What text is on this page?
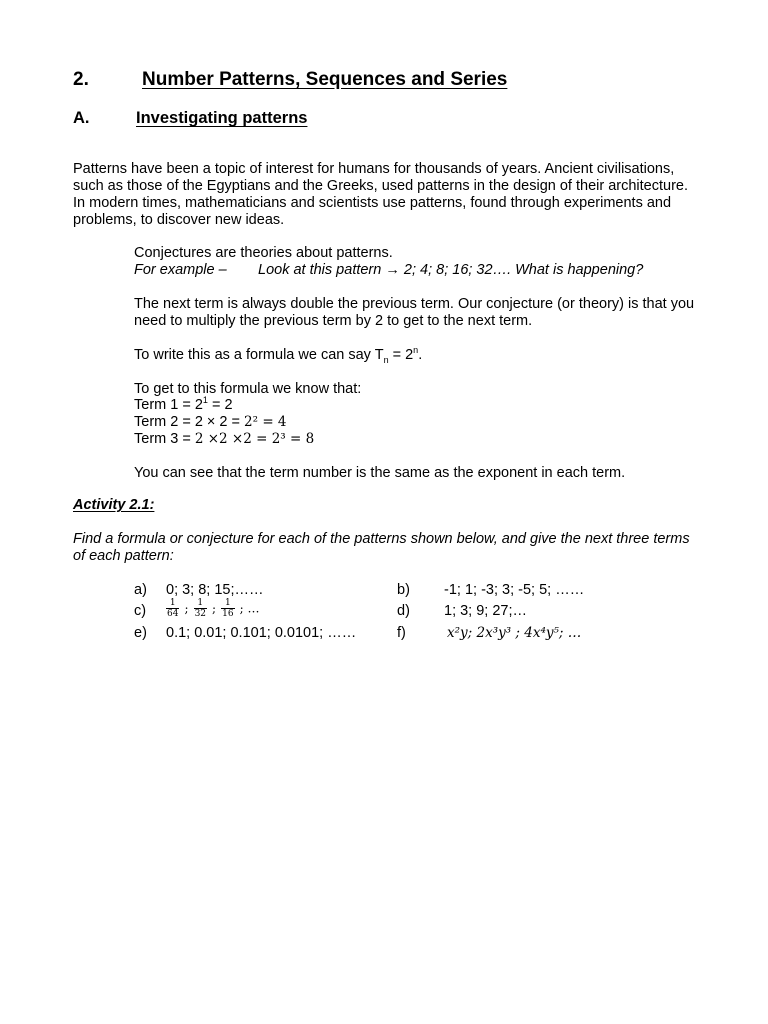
2.	Number Patterns, Sequences and Series
A.	Investigating patterns

Patterns have been a topic of interest for humans for thousands of years. Ancient civilisations, such as those of the Egyptians and the Greeks, used patterns in the design of their architecture. In modern times, mathematicians and scientists use patterns, found through experiments and problems, to discover new ideas.

Conjectures are theories about patterns.

For example – Look at this pattern → 2; 4; 8; 16; 32…. What is happening?

The next term is always double the previous term. Our conjecture (or theory) is that you need to multiply the previous term by 2 to get to the next term.

To write this as a formula we can say $T_n = 2^n$.

To get to this formula we know that:

Term $1 = 2^1 = 2$

Term 2 = 2 × 2 = 2² = 4

Term 3 = 2 ×2 ×2 = 2³ = 8

You can see that the term number is the same as the exponent in each term.

Activity 2.1:

Find a formula or conjecture for each of the patterns shown below, and give the next three terms of each pattern:

a) 0; 3; 8; 15;……	b) -1; 1; -3; 3; -5; 5; ……
$c) \frac{1}{64}$ ; $\frac{1}{32}$ ; $\frac{1}{16}$ ; …	d) 1; 3; 9; 27;…
e) 0.1; 0.01; 0.101; 0.0101; ……	f)	x²y; 2x³y³ ; 4x⁴y⁵; …
